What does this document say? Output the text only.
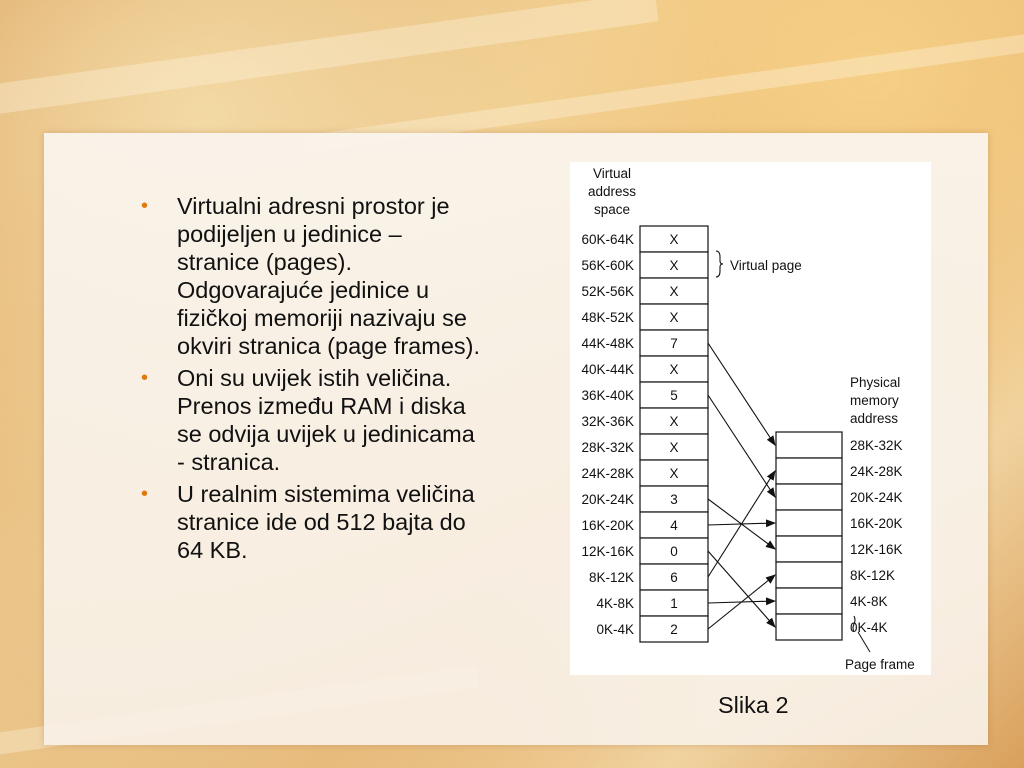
• Virtualni adresni prostor je podijeljen u jedinice – stranice (pages). Odgovarajuće jedinice u fizičkoj memoriji nazivaju se okviri stranica (page frames).
• Oni su uvijek istih veličina. Prenos između RAM i diska se odvija uvijek u jedinicama - stranica.
• U realnim sistemima veličina stranice ide od 512 bajta do 64 KB.
Virtual
address
space
X
60K-64K
X
56K-60K
X
52K-56K
X
48K-52K
7
44K-48K
X
40K-44K
5
36K-40K
X
32K-36K
X
28K-32K
X
24K-28K
3
20K-24K
4
16K-20K
0
12K-16K
6
8K-12K
1
4K-8K
2
0K-4K
Virtual page
Physical
memory
address
28K-32K
24K-28K
20K-24K
16K-20K
12K-16K
8K-12K
4K-8K
0K-4K
Page frame
Slika 2
